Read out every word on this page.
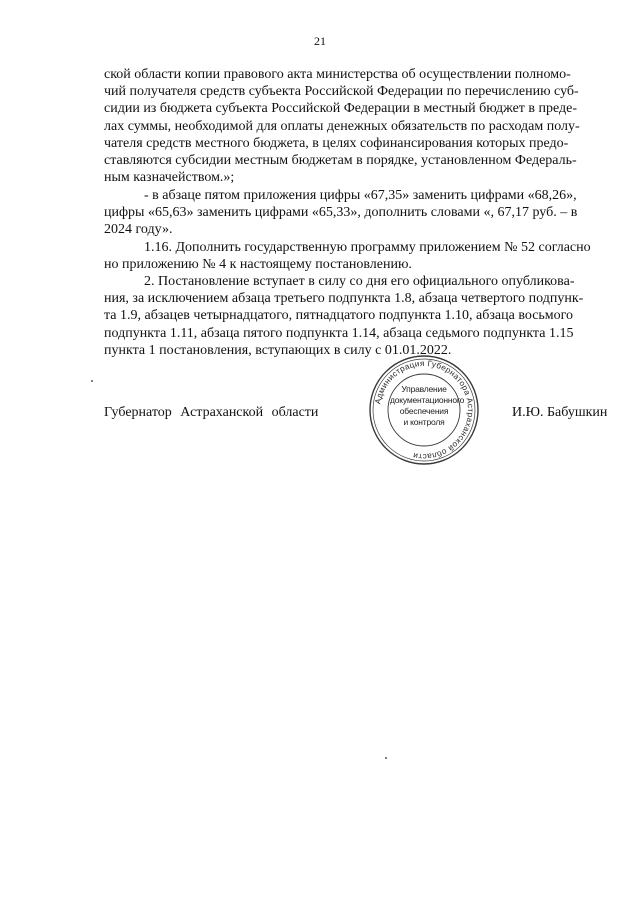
21

ской области копии правового акта министерства об осуществлении полномо-
чий получателя средств субъекта Российской Федерации по перечислению суб-
сидии из бюджета субъекта Российской Федерации в местный бюджет в преде-
лах суммы, необходимой для оплаты денежных обязательств по расходам полу-
чателя средств местного бюджета, в целях софинансирования которых предо-
ставляются субсидии местным бюджетам в порядке, установленном Федераль-
ным казначейством.»;

- в абзаце пятом приложения цифры «67,35» заменить цифрами «68,26»,
цифры «65,63» заменить цифрами «65,33», дополнить словами «, 67,17 руб. – в
2024 году».

1.16. Дополнить государственную программу приложением № 52 согласно
но приложению № 4 к настоящему постановлению.

2. Постановление вступает в силу со дня его официального опубликова-
ния, за исключением абзаца третьего подпункта 1.8, абзаца четвертого подпунк-
та 1.9, абзацев четырнадцатого, пятнадцатого подпункта 1.10, абзаца восьмого
подпункта 1.11, абзаца пятого подпункта 1.14, абзаца седьмого подпункта 1.15
пункта 1 постановления, вступающих в силу с 01.01.2022.

Губернатор Астраханской области
Администрация Губернатора Астраханской области
Управление
документационного
обеспечения
и контроля
И.Ю. Бабушкин
